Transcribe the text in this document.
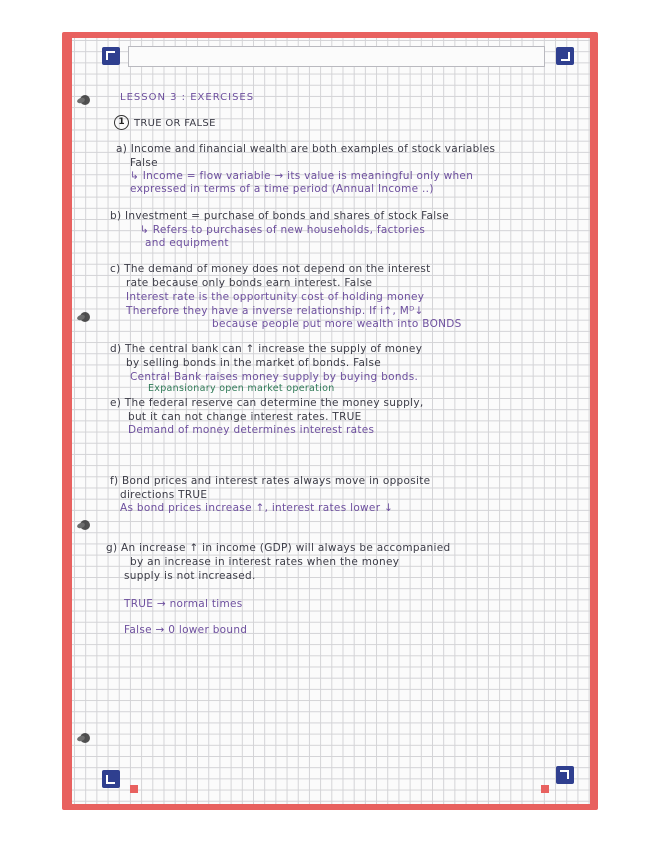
LESSON 3 : EXERCISES
1 TRUE OR FALSE
a) Income and financial wealth are both examples of stock variables
False
↳ Income = flow variable → its value is meaningful only when
expressed in terms of a time period (Annual Income ..)
b) Investment = purchase of bonds and shares of stock False
↳ Refers to purchases of new households, factories
and equipment
c) The demand of money does not depend on the interest
rate because only bonds earn interest. False
Interest rate is the opportunity cost of holding money
Therefore they have a inverse relationship. If i↑, Mᴰ↓
because people put more wealth into BONDS
d) The central bank can ↑ increase the supply of money
by selling bonds in the market of bonds. False
Central Bank raises money supply by buying bonds.
Expansionary open market operation
e) The federal reserve can determine the money supply,
but it can not change interest rates. TRUE
Demand of money determines interest rates
f) Bond prices and interest rates always move in opposite
directions TRUE
As bond prices increase ↑, interest rates lower ↓
g) An increase ↑ in income (GDP) will always be accompanied
by an increase in interest rates when the money
supply is not increased.
TRUE → normal times
False → 0 lower bound
